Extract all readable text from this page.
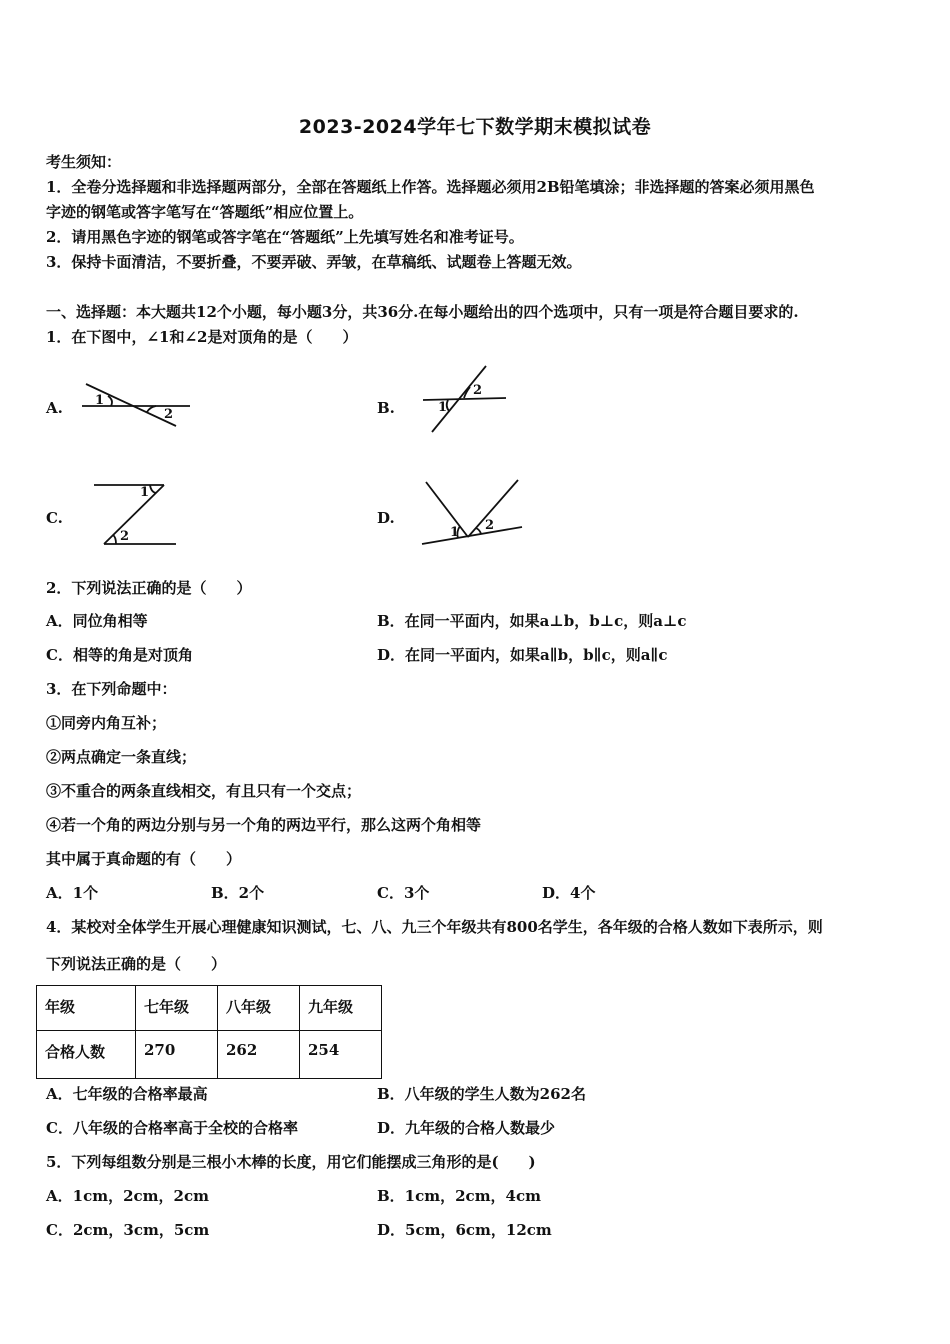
2023-2024学年七下数学期末模拟试卷
考生须知：
1．全卷分选择题和非选择题两部分，全部在答题纸上作答。选择题必须用2B铅笔填涂；非选择题的答案必须用黑色
字迹的钢笔或答字笔写在“答题纸”相应位置上。
2．请用黑色字迹的钢笔或答字笔在“答题纸”上先填写姓名和准考证号。
3．保持卡面清洁，不要折叠，不要弄破、弄皱，在草稿纸、试题卷上答题无效。
一、选择题：本大题共12个小题，每小题3分，共36分.在每小题给出的四个选项中，只有一项是符合题目要求的.
1．在下图中，∠1和∠2是对顶角的是（　　）
A. 1
2	B.	1
2
C.
1
2
D.
1 2
2．下列说法正确的是（　　）
A．同位角相等	B．在同一平面内，如果a⊥b，b⊥c，则a⊥c
C．相等的角是对顶角	D．在同一平面内，如果a∥b，b∥c，则a∥c
3．在下列命题中：
①同旁内角互补；
②两点确定一条直线；
③不重合的两条直线相交，有且只有一个交点；
④若一个角的两边分别与另一个角的两边平行，那么这两个角相等
其中属于真命题的有（　　）
A．1个	B．2个	C．3个	D．4个
4．某校对全体学生开展心理健康知识测试，七、八、九三个年级共有800名学生，各年级的合格人数如下表所示，则
下列说法正确的是（　　）
年级	七年级	八年级	九年级
合格人数	270	262	254
A．七年级的合格率最高	B．八年级的学生人数为262名
C．八年级的合格率高于全校的合格率	D．九年级的合格人数最少
5．下列每组数分别是三根小木棒的长度，用它们能摆成三角形的是(　　)
A．1cm，2cm，2cm	B．1cm，2cm，4cm
C．2cm，3cm，5cm	D．5cm，6cm，12cm
